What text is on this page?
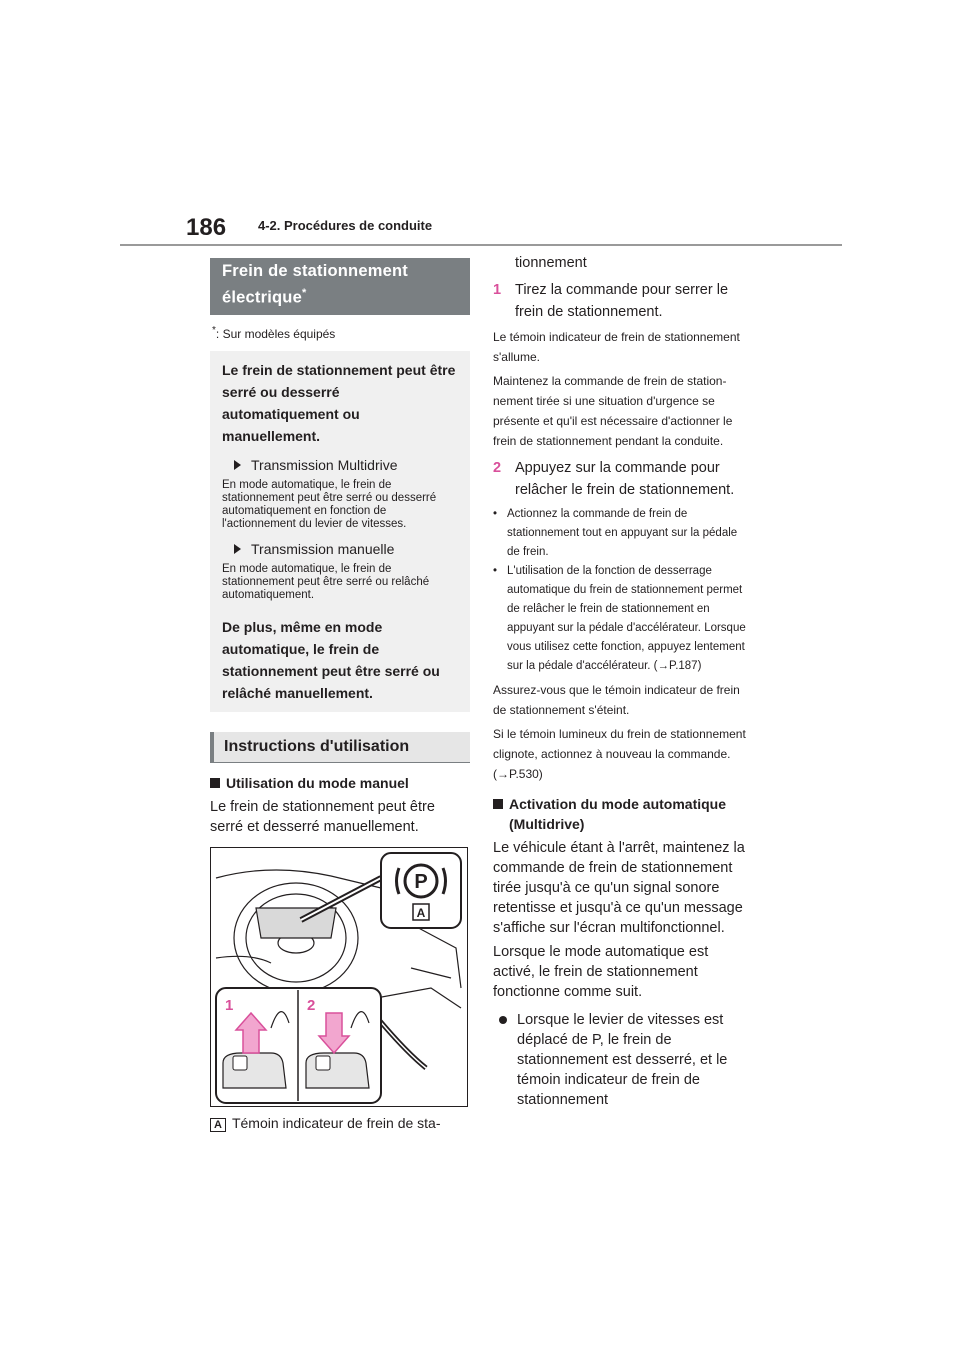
186 4-2. Procédures de conduite
Frein de stationnement électrique*
*: Sur modèles équipés
Le frein de stationnement peut être serré ou desserré automatiquement ou manuellement.
Transmission Multidrive
En mode automatique, le frein de stationnement peut être serré ou desserré automatiquement en fonction de l'actionnement du levier de vitesses.
Transmission manuelle
En mode automatique, le frein de stationnement peut être serré ou relâché automatiquement.
De plus, même en mode automatique, le frein de stationnement peut être serré ou relâché manuellement.
Instructions d'utilisation
Utilisation du mode manuel
Le frein de stationnement peut être serré et desserré manuellement.
P
A
1	2
A Témoin indicateur de frein de sta-
tionnement
1 Tirez la commande pour serrer le frein de stationnement.
Le témoin indicateur de frein de stationnement s'allume.
Maintenez la commande de frein de station- nement tirée si une situation d'urgence se présente et qu'il est nécessaire d'actionner le frein de stationnement pendant la conduite.
2 Appuyez sur la commande pour relâcher le frein de stationnement.
• Actionnez la commande de frein de stationnement tout en appuyant sur la pédale de frein.
• L'utilisation de la fonction de desserrage automatique du frein de stationnement permet de relâcher le frein de stationnement en appuyant sur la pédale d'accélérateur. Lorsque vous utilisez cette fonction, appuyez lentement sur la pédale d'accélérateur. (→P.187)
Assurez-vous que le témoin indicateur de frein de stationnement s'éteint.
Si le témoin lumineux du frein de stationnement clignote, actionnez à nouveau la commande. (→P.530)
Activation du mode automatique (Multidrive)
Le véhicule étant à l'arrêt, maintenez la commande de frein de stationnement tirée jusqu'à ce qu'un signal sonore retentisse et jusqu'à ce qu'un message s'affiche sur l'écran multifonctionnel.
Lorsque le mode automatique est activé, le frein de stationnement fonctionne comme suit.
Lorsque le levier de vitesses est déplacé de P, le frein de stationnement est desserré, et le témoin indicateur de frein de stationnement
